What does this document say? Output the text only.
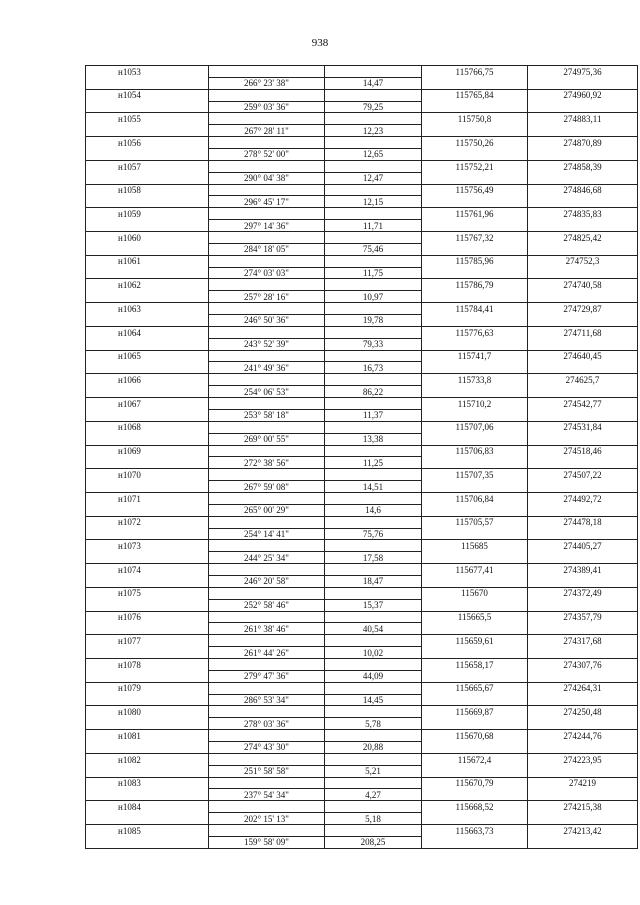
938
н1053			115766,75	274975,36
	266° 23' 38"	14,47		
н1054			115765,84	274960,92
	259° 03' 36"	79,25		
н1055			115750,8	274883,11
	267° 28' 11"	12,23		
н1056			115750,26	274870,89
	278° 52' 00"	12,65		
н1057			115752,21	274858,39
	290° 04' 38"	12,47		
н1058			115756,49	274846,68
	296° 45' 17"	12,15		
н1059			115761,96	274835,83
	297° 14' 36"	11,71		
н1060			115767,32	274825,42
	284° 18' 05"	75,46		
н1061			115785,96	274752,3
	274° 03' 03"	11,75		
н1062			115786,79	274740,58
	257° 28' 16"	10,97		
н1063			115784,41	274729,87
	246° 50' 36"	19,78		
н1064			115776,63	274711,68
	243° 52' 39"	79,33		
н1065			115741,7	274640,45
	241° 49' 36"	16,73		
н1066			115733,8	274625,7
	254° 06' 53"	86,22		
н1067			115710,2	274542,77
	253° 58' 18"	11,37		
н1068			115707,06	274531,84
	269° 00' 55"	13,38		
н1069			115706,83	274518,46
	272° 38' 56"	11,25		
н1070			115707,35	274507,22
	267° 59' 08"	14,51		
н1071			115706,84	274492,72
	265° 00' 29"	14,6		
н1072			115705,57	274478,18
	254° 14' 41"	75,76		
н1073			115685	274405,27
	244° 25' 34"	17,58		
н1074			115677,41	274389,41
	246° 20' 58"	18,47		
н1075			115670	274372,49
	252° 58' 46"	15,37		
н1076			115665,5	274357,79
	261° 38' 46"	40,54		
н1077			115659,61	274317,68
	261° 44' 26"	10,02		
н1078			115658,17	274307,76
	279° 47' 36"	44,09		
н1079			115665,67	274264,31
	286° 53' 34"	14,45		
н1080			115669,87	274250,48
	278° 03' 36"	5,78		
н1081			115670,68	274244,76
	274° 43' 30"	20,88		
н1082			115672,4	274223,95
	251° 58' 58"	5,21		
н1083			115670,79	274219
	237° 54' 34"	4,27		
н1084			115668,52	274215,38
	202° 15' 13"	5,18		
н1085			115663,73	274213,42
	159° 58' 09"	208,25		
